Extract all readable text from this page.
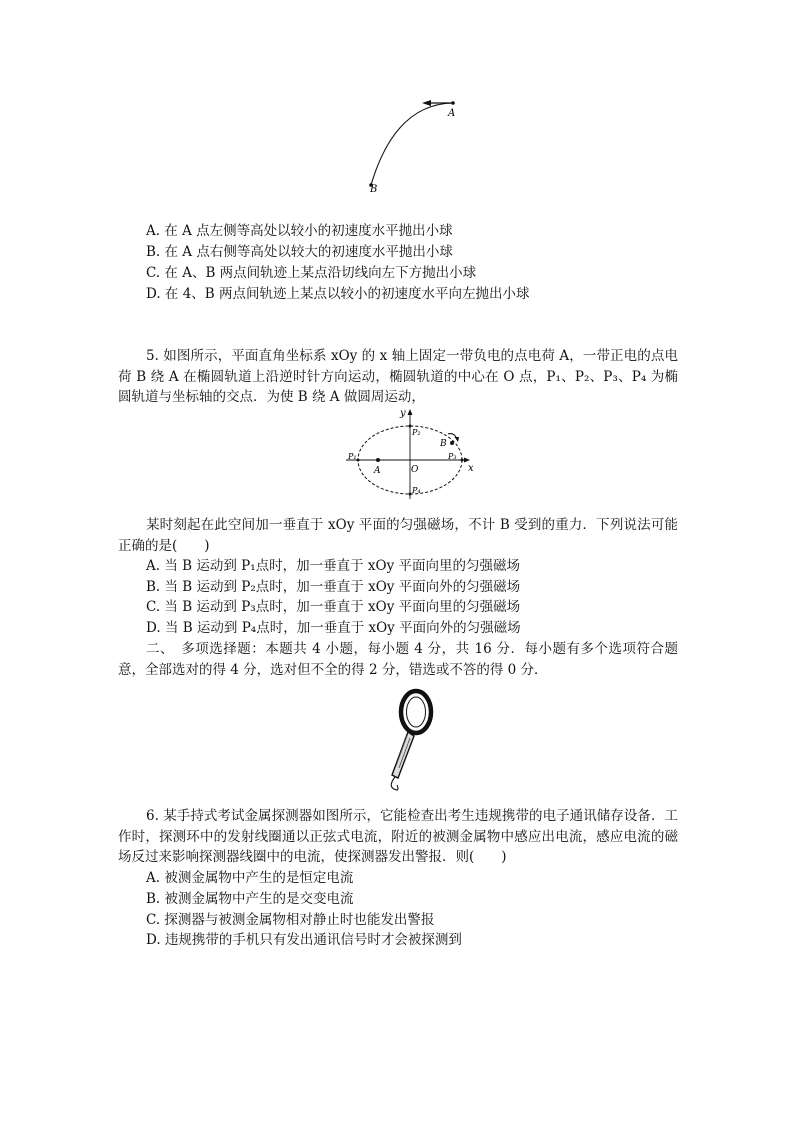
A
B
A. 在 A 点左侧等高处以较小的初速度水平抛出小球
B. 在 A 点右侧等高处以较大的初速度水平抛出小球
C. 在 A、B 两点间轨迹上某点沿切线向左下方抛出小球
D. 在 4、B 两点间轨迹上某点以较小的初速度水平向左抛出小球
5. 如图所示，平面直角坐标系 xOy 的 x 轴上固定一带负电的点电荷 A，一带正电的点电荷 B 绕 A 在椭圆轨道上沿逆时针方向运动，椭圆轨道的中心在 O 点，P₁、P₂、P₃、P₄ 为椭圆轨道与坐标轴的交点．为使 B 绕 A 做圆周运动，
y
x
O
A
B
P₁
P₂
P₃
P₄
某时刻起在此空间加一垂直于 xOy 平面的匀强磁场，不计 B 受到的重力．下列说法可能正确的是(　　)
A. 当 B 运动到 P₁点时，加一垂直于 xOy 平面向里的匀强磁场
B. 当 B 运动到 P₂点时，加一垂直于 xOy 平面向外的匀强磁场
C. 当 B 运动到 P₃点时，加一垂直于 xOy 平面向里的匀强磁场
D. 当 B 运动到 P₄点时，加一垂直于 xOy 平面向外的匀强磁场
二、　多项选择题：本题共 4 小题，每小题 4 分，共 16 分．每小题有多个选项符合题意，全部选对的得 4 分，选对但不全的得 2 分，错选或不答的得 0 分．
6. 某手持式考试金属探测器如图所示，它能检查出考生违规携带的电子通讯储存设备．工作时，探测环中的发射线圈通以正弦式电流，附近的被测金属物中感应出电流，感应电流的磁场反过来影响探测器线圈中的电流，使探测器发出警报．则(　　)
A. 被测金属物中产生的是恒定电流
B. 被测金属物中产生的是交变电流
C. 探测器与被测金属物相对静止时也能发出警报
D. 违规携带的手机只有发出通讯信号时才会被探测到
